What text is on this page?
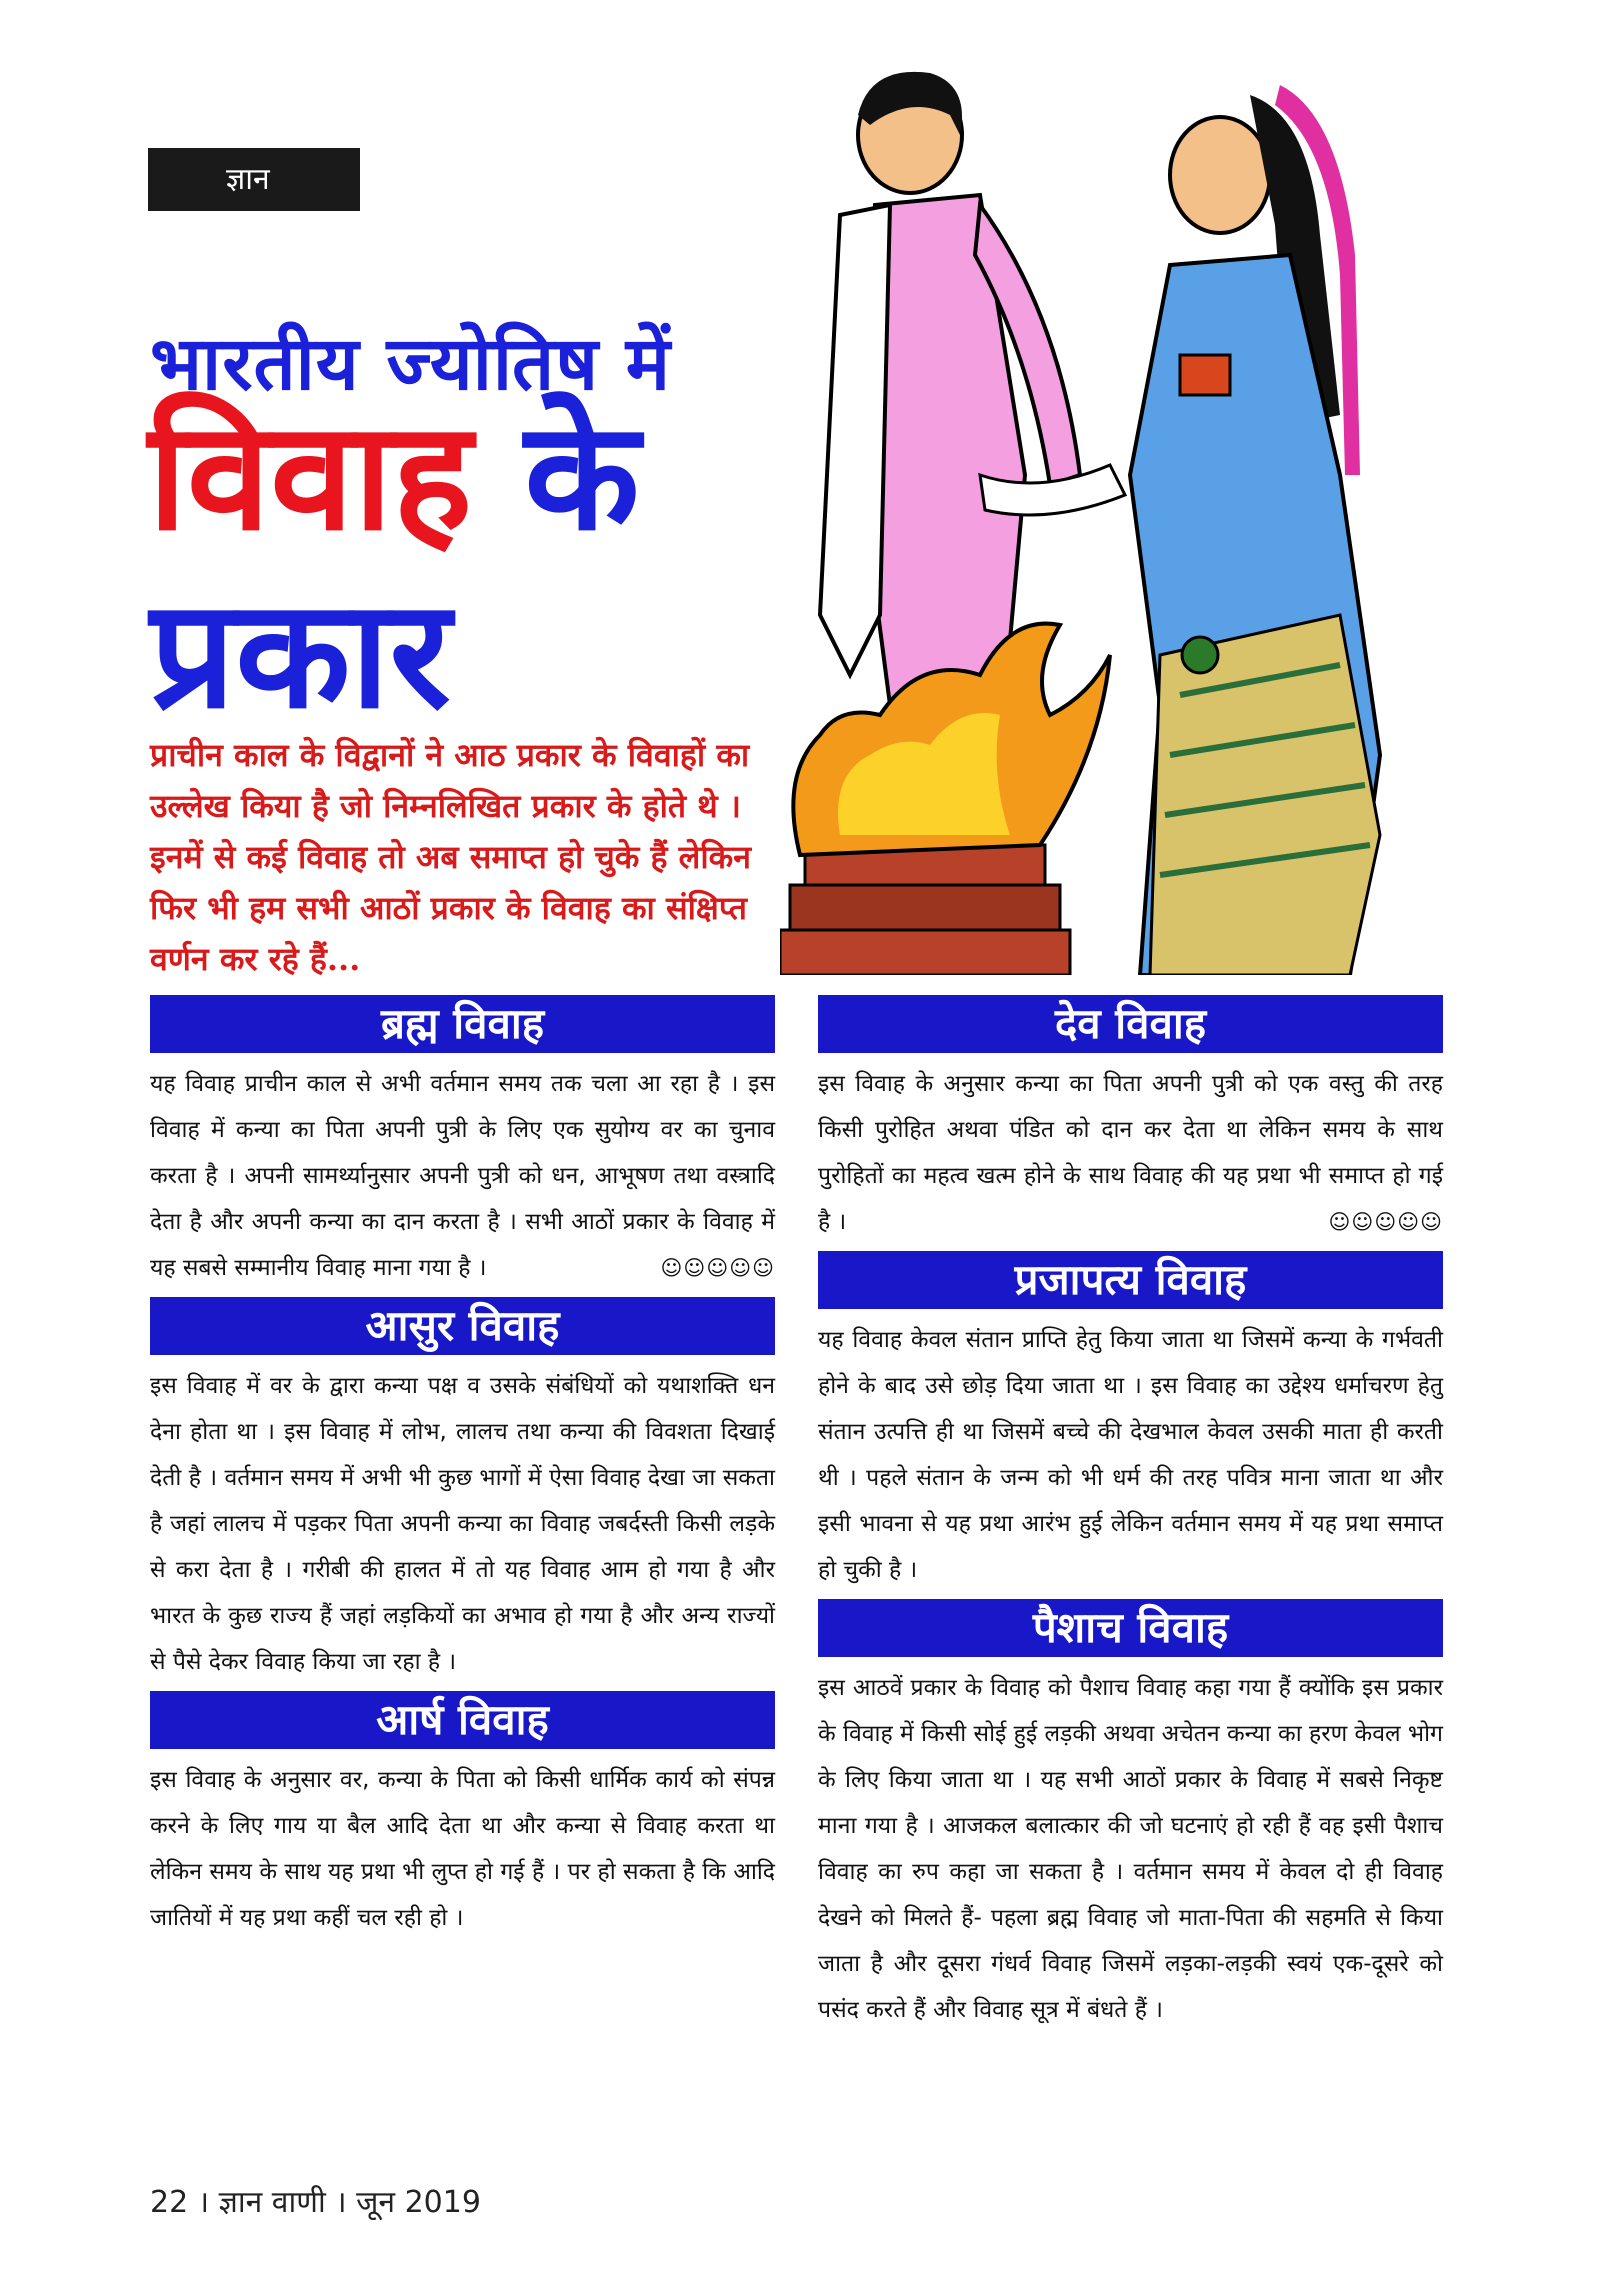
ज्ञान
भारतीय ज्योतिष में
विवाह के
प्रकार
प्राचीन काल के विद्वानों ने आठ प्रकार के विवाहों का उल्लेख किया है जो निम्नलिखित प्रकार के होते थे । इनमें से कई विवाह तो अब समाप्त हो चुके हैं लेकिन फिर भी हम सभी आठों प्रकार के विवाह का संक्षिप्त वर्णन कर रहे हैं...
ब्रह्म विवाह

यह विवाह प्राचीन काल से अभी वर्तमान समय तक चला आ रहा है । इस विवाह में कन्या का पिता अपनी पुत्री के लिए एक सुयोग्य वर का चुनाव करता है । अपनी सामर्थ्यानुसार अपनी पुत्री को धन, आभूषण तथा वस्त्रादि देता है और अपनी कन्या का दान करता है । सभी आठों प्रकार के विवाह में यह सबसे सम्मानीय विवाह माना गया है ।	☺☺☺☺☺

आसुर विवाह

इस विवाह में वर के द्वारा कन्या पक्ष व उसके संबंधियों को यथाशक्ति धन देना होता था । इस विवाह में लोभ, लालच तथा कन्या की विवशता दिखाई देती है । वर्तमान समय में अभी भी कुछ भागों में ऐसा विवाह देखा जा सकता है जहां लालच में पड़कर पिता अपनी कन्या का विवाह जबर्दस्ती किसी लड़के से करा देता है । गरीबी की हालत में तो यह विवाह आम हो गया है और भारत के कुछ राज्य हैं जहां लड़कियों का अभाव हो गया है और अन्य राज्यों से पैसे देकर विवाह किया जा रहा है ।

आर्ष विवाह

इस विवाह के अनुसार वर, कन्या के पिता को किसी धार्मिक कार्य को संपन्न करने के लिए गाय या बैल आदि देता था और कन्या से विवाह करता था लेकिन समय के साथ यह प्रथा भी लुप्त हो गई हैं । पर हो सकता है कि आदि जातियों में यह प्रथा कहीं चल रही हो ।

देव विवाह

इस विवाह के अनुसार कन्या का पिता अपनी पुत्री को एक वस्तु की तरह किसी पुरोहित अथवा पंडित को दान कर देता था लेकिन समय के साथ पुरोहितों का महत्व खत्म होने के साथ विवाह की यह प्रथा भी समाप्त हो गई है ।	☺☺☺☺☺

प्रजापत्य विवाह

यह विवाह केवल संतान प्राप्ति हेतु किया जाता था जिसमें कन्या के गर्भवती होने के बाद उसे छोड़ दिया जाता था । इस विवाह का उद्देश्य धर्माचरण हेतु संतान उत्पत्ति ही था जिसमें बच्चे की देखभाल केवल उसकी माता ही करती थी । पहले संतान के जन्म को भी धर्म की तरह पवित्र माना जाता था और इसी भावना से यह प्रथा आरंभ हुई लेकिन वर्तमान समय में यह प्रथा समाप्त हो चुकी है ।

पैशाच विवाह

इस आठवें प्रकार के विवाह को पैशाच विवाह कहा गया हैं क्योंकि इस प्रकार के विवाह में किसी सोई हुई लड़की अथवा अचेतन कन्या का हरण केवल भोग के लिए किया जाता था । यह सभी आठों प्रकार के विवाह में सबसे निकृष्ट माना गया है । आजकल बलात्कार की जो घटनाएं हो रही हैं वह इसी पैशाच विवाह का रुप कहा जा सकता है । वर्तमान समय में केवल दो ही विवाह देखने को मिलते हैं- पहला ब्रह्म विवाह जो माता-पिता की सहमति से किया जाता है और दूसरा गंधर्व विवाह जिसमें लड़का-लड़की स्वयं एक-दूसरे को पसंद करते हैं और विवाह सूत्र में बंधते हैं ।

22 । ज्ञान वाणी । जून 2019
